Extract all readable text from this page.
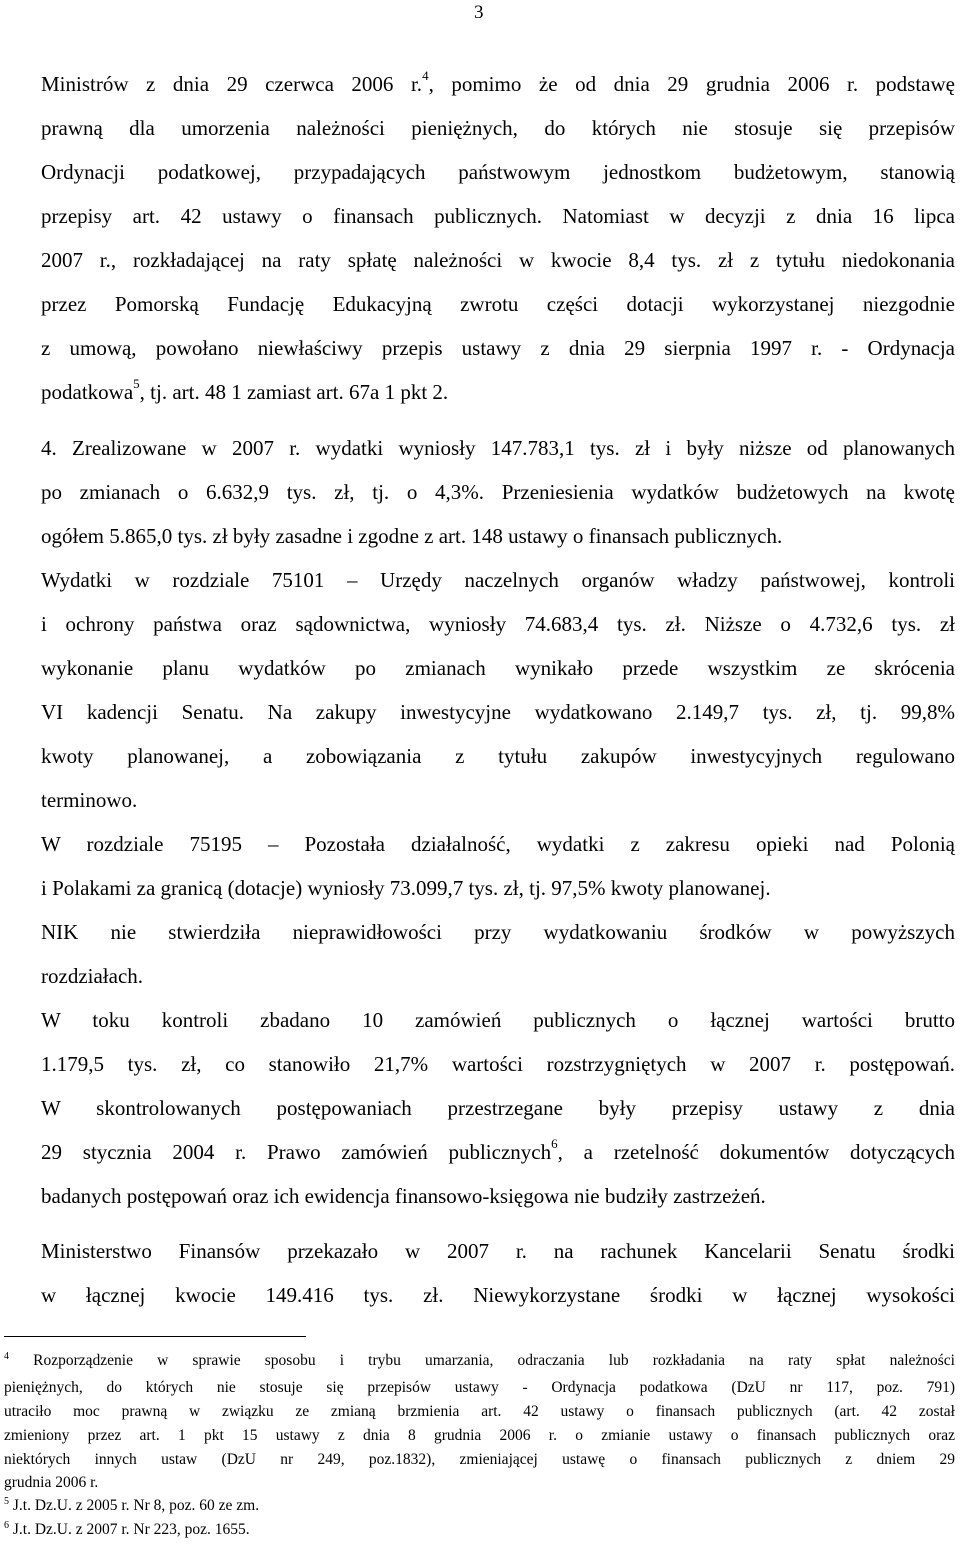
3
Ministrów z dnia 29 czerwca 2006 r.$^4$, pomimo że od dnia 29 grudnia 2006 r. podstawę
prawną dla umorzenia należności pieniężnych, do których nie stosuje się przepisów
Ordynacji podatkowej, przypadających państwowym jednostkom budżetowym, stanowią
przepisy art. 42 ustawy o finansach publicznych. Natomiast w decyzji z dnia 16 lipca
2007 r., rozkładającej na raty spłatę należności w kwocie 8,4 tys. zł z tytułu niedokonania
przez Pomorską Fundację Edukacyjną zwrotu części dotacji wykorzystanej niezgodnie
z umową, powołano niewłaściwy przepis ustawy z dnia 29 sierpnia 1997 r. - Ordynacja
podatkowa$^5$, tj. art. 48 1 zamiast art. 67a 1 pkt 2.
4. Zrealizowane w 2007 r. wydatki wyniosły 147.783,1 tys. zł i były niższe od planowanych
po zmianach o 6.632,9 tys. zł, tj. o 4,3%. Przeniesienia wydatków budżetowych na kwotę
ogółem 5.865,0 tys. zł były zasadne i zgodne z art. 148 ustawy o finansach publicznych.
Wydatki w rozdziale 75101 – Urzędy naczelnych organów władzy państwowej, kontroli
i ochrony państwa oraz sądownictwa, wyniosły 74.683,4 tys. zł. Niższe o 4.732,6 tys. zł
wykonanie planu wydatków po zmianach wynikało przede wszystkim ze skrócenia
VI kadencji Senatu. Na zakupy inwestycyjne wydatkowano 2.149,7 tys. zł, tj. 99,8%
kwoty planowanej, a zobowiązania z tytułu zakupów inwestycyjnych regulowano
terminowo.
W rozdziale 75195 – Pozostała działalność, wydatki z zakresu opieki nad Polonią
i Polakami za granicą (dotacje) wyniosły 73.099,7 tys. zł, tj. 97,5% kwoty planowanej.
NIK nie stwierdziła nieprawidłowości przy wydatkowaniu środków w powyższych
rozdziałach.
W toku kontroli zbadano 10 zamówień publicznych o łącznej wartości brutto
1.179,5 tys. zł, co stanowiło 21,7% wartości rozstrzygniętych w 2007 r. postępowań.
W skontrolowanych postępowaniach przestrzegane były przepisy ustawy z dnia
29 stycznia 2004 r. Prawo zamówień publicznych$^6$, a rzetelność dokumentów dotyczących
badanych postępowań oraz ich ewidencja finansowo-księgowa nie budziły zastrzeżeń.
Ministerstwo Finansów przekazało w 2007 r. na rachunek Kancelarii Senatu środki
w łącznej kwocie 149.416 tys. zł. Niewykorzystane środki w łącznej wysokości
$^4$ Rozporządzenie w sprawie sposobu i trybu umarzania, odraczania lub rozkładania na raty spłat należności
pieniężnych, do których nie stosuje się przepisów ustawy - Ordynacja podatkowa (DzU nr 117, poz. 791)
utraciło moc prawną w związku ze zmianą brzmienia art. 42 ustawy o finansach publicznych (art. 42 został
zmieniony przez art. 1 pkt 15 ustawy z dnia 8 grudnia 2006 r. o zmianie ustawy o finansach publicznych oraz
niektórych innych ustaw (DzU nr 249, poz.1832), zmieniającej ustawę o finansach publicznych z dniem 29
grudnia 2006 r.
$^5$ J.t. Dz.U. z 2005 r. Nr 8, poz. 60 ze zm.
$^6$ J.t. Dz.U. z 2007 r. Nr 223, poz. 1655.
